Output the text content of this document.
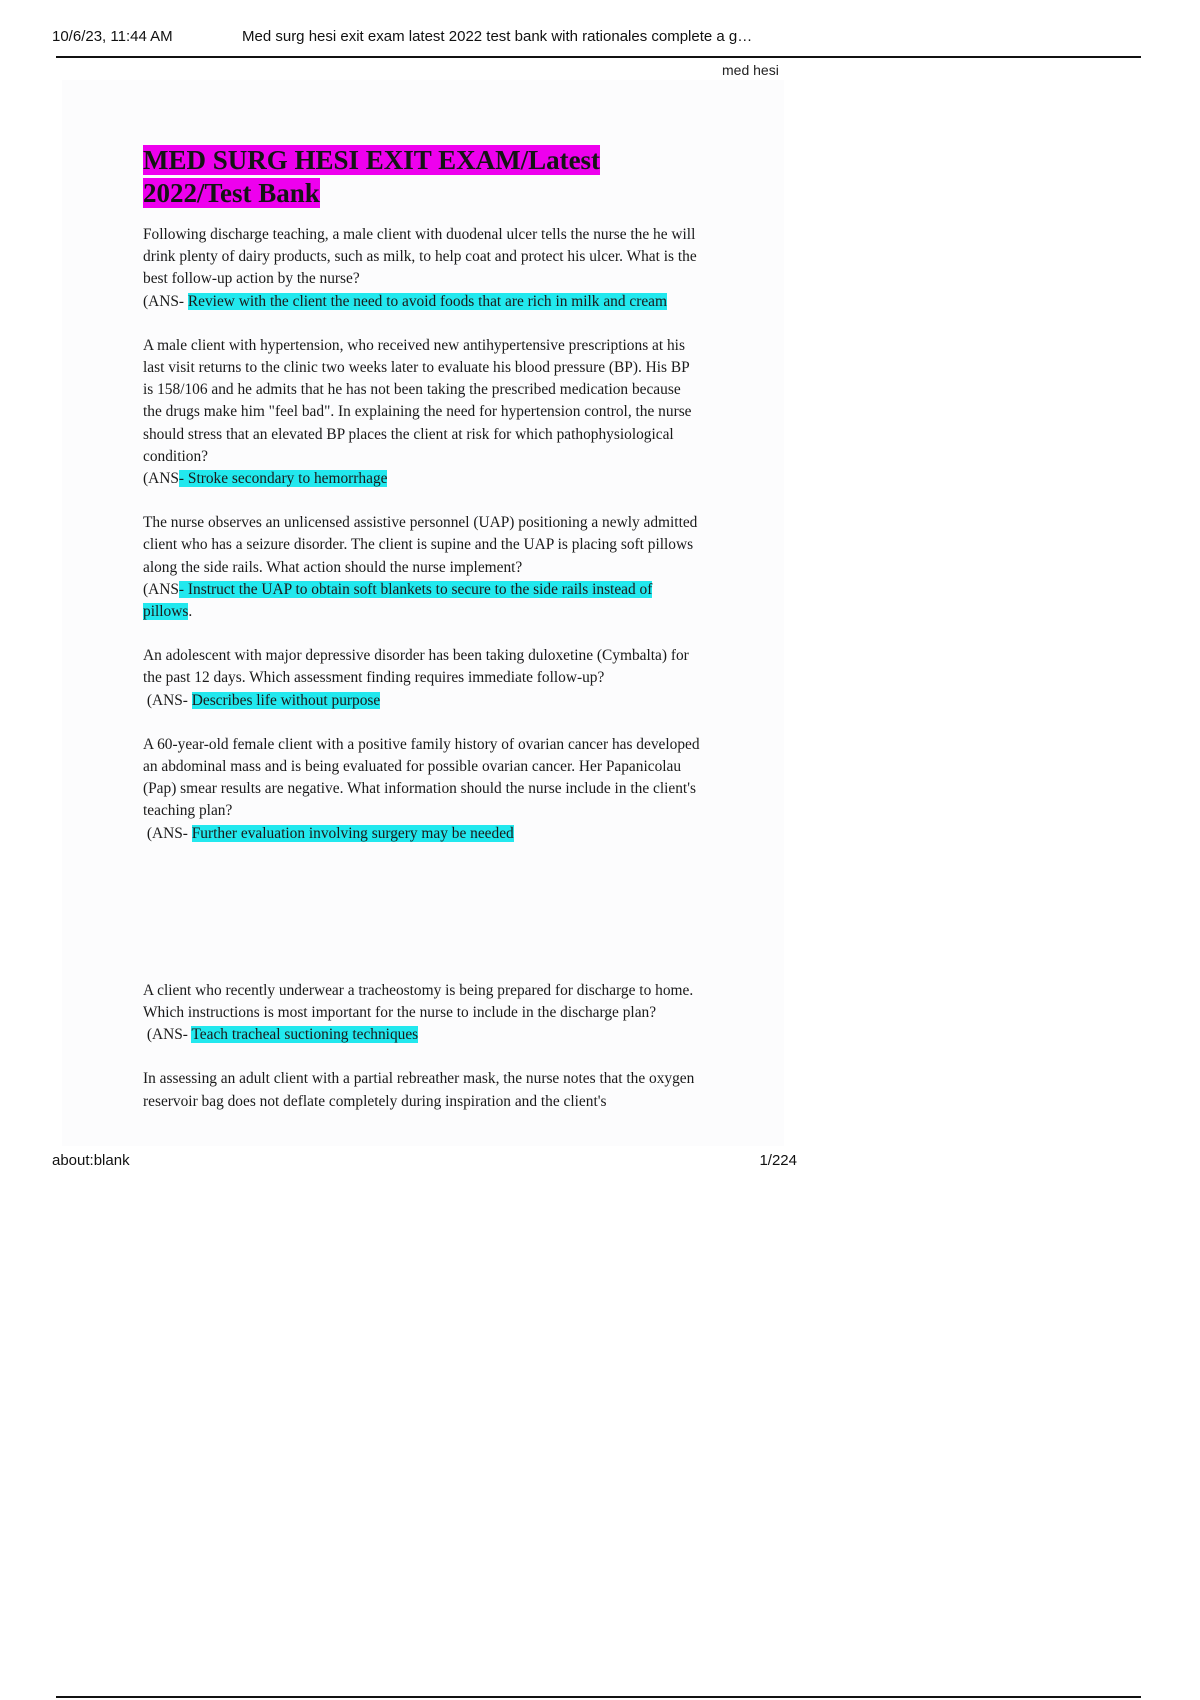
10/6/23, 11:44 AM	Med surg hesi exit exam latest 2022 test bank with rationales complete a g…
med hesi
MED SURG HESI EXIT EXAM/Latest 2022/Test Bank

Following discharge teaching, a male client with duodenal ulcer tells the nurse the he will drink plenty of dairy products, such as milk, to help coat and protect his ulcer. What is the best follow-up action by the nurse?

(ANS- Review with the client the need to avoid foods that are rich in milk and cream

A male client with hypertension, who received new antihypertensive prescriptions at his last visit returns to the clinic two weeks later to evaluate his blood pressure (BP). His BP is 158/106 and he admits that he has not been taking the prescribed medication because the drugs make him "feel bad". In explaining the need for hypertension control, the nurse should stress that an elevated BP places the client at risk for which pathophysiological condition?

(ANS- Stroke secondary to hemorrhage

The nurse observes an unlicensed assistive personnel (UAP) positioning a newly admitted client who has a seizure disorder. The client is supine and the UAP is placing soft pillows along the side rails. What action should the nurse implement?

(ANS- Instruct the UAP to obtain soft blankets to secure to the side rails instead of pillows.

An adolescent with major depressive disorder has been taking duloxetine (Cymbalta) for the past 12 days. Which assessment finding requires immediate follow-up?

(ANS- Describes life without purpose

A 60-year-old female client with a positive family history of ovarian cancer has developed an abdominal mass and is being evaluated for possible ovarian cancer. Her Papanicolau (Pap) smear results are negative. What information should the nurse include in the client's teaching plan?

(ANS- Further evaluation involving surgery may be needed

A client who recently underwear a tracheostomy is being prepared for discharge to home. Which instructions is most important for the nurse to include in the discharge plan?

(ANS- Teach tracheal suctioning techniques

In assessing an adult client with a partial rebreather mask, the nurse notes that the oxygen reservoir bag does not deflate completely during inspiration and the client's

about:blank	1/224
